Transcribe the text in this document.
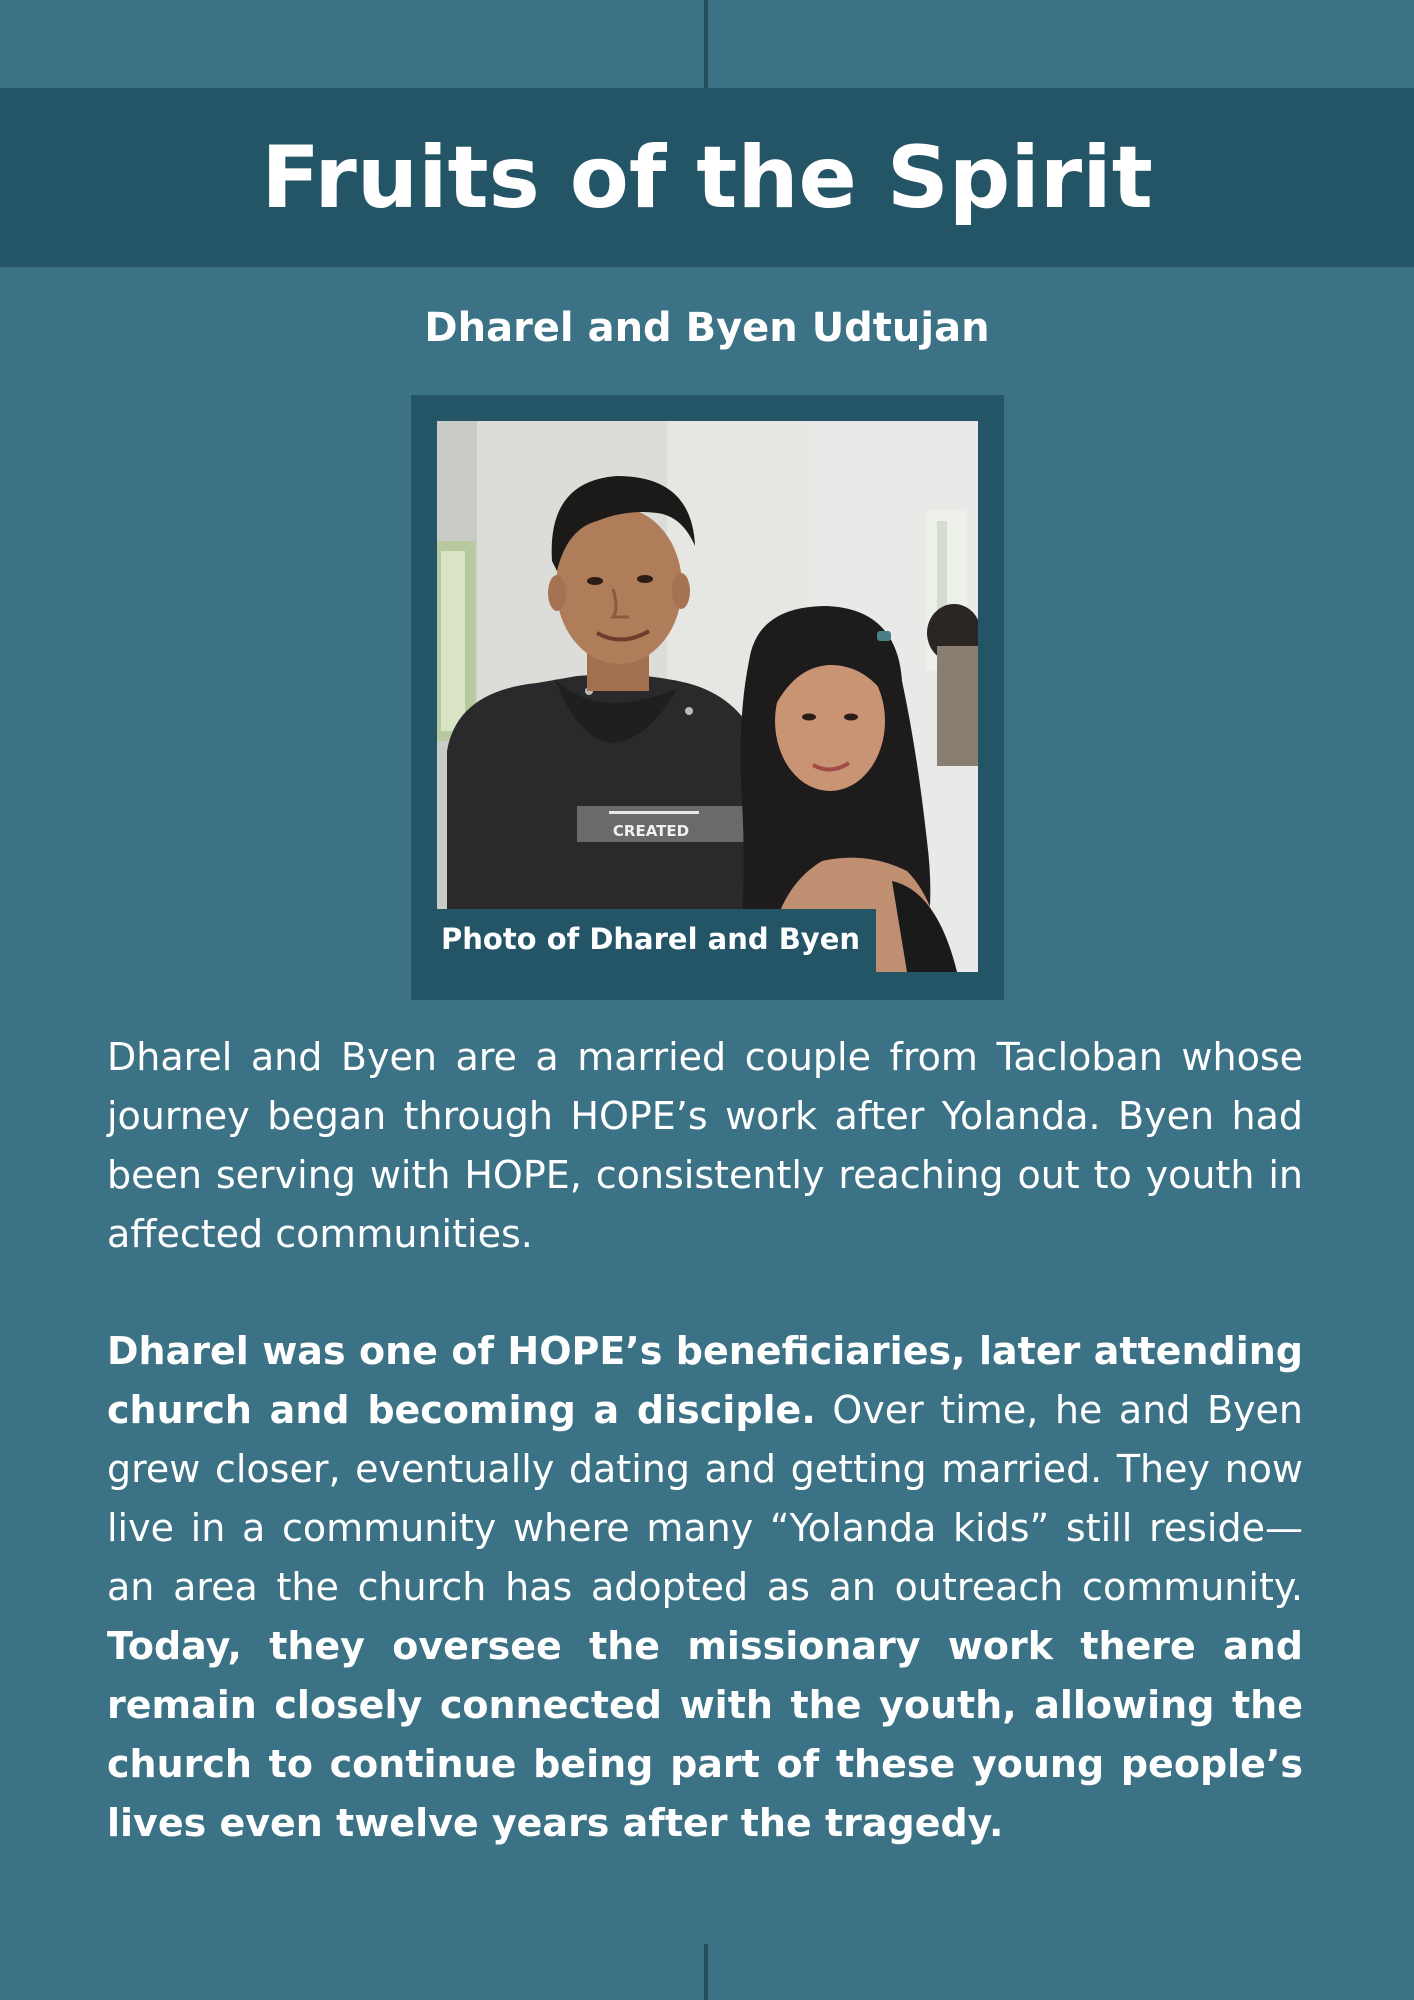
Fruits of the Spirit
Dharel and Byen Udtujan
CREATED
Photo of Dharel and Byen

Dharel and Byen are a married couple from Tacloban whose journey began through HOPE’s work after Yolanda. Byen had been serving with HOPE, consistently reaching out to youth in affected communities.

Dharel was one of HOPE’s beneficiaries, later attending church and becoming a disciple. Over time, he and Byen grew closer, eventually dating and getting married. They now live in a community where many “Yolanda kids” still reside—an area the church has adopted as an outreach community. Today, they oversee the missionary work there and remain closely connected with the youth, allowing the church to continue being part of these young people’s lives even twelve years after the tragedy.
